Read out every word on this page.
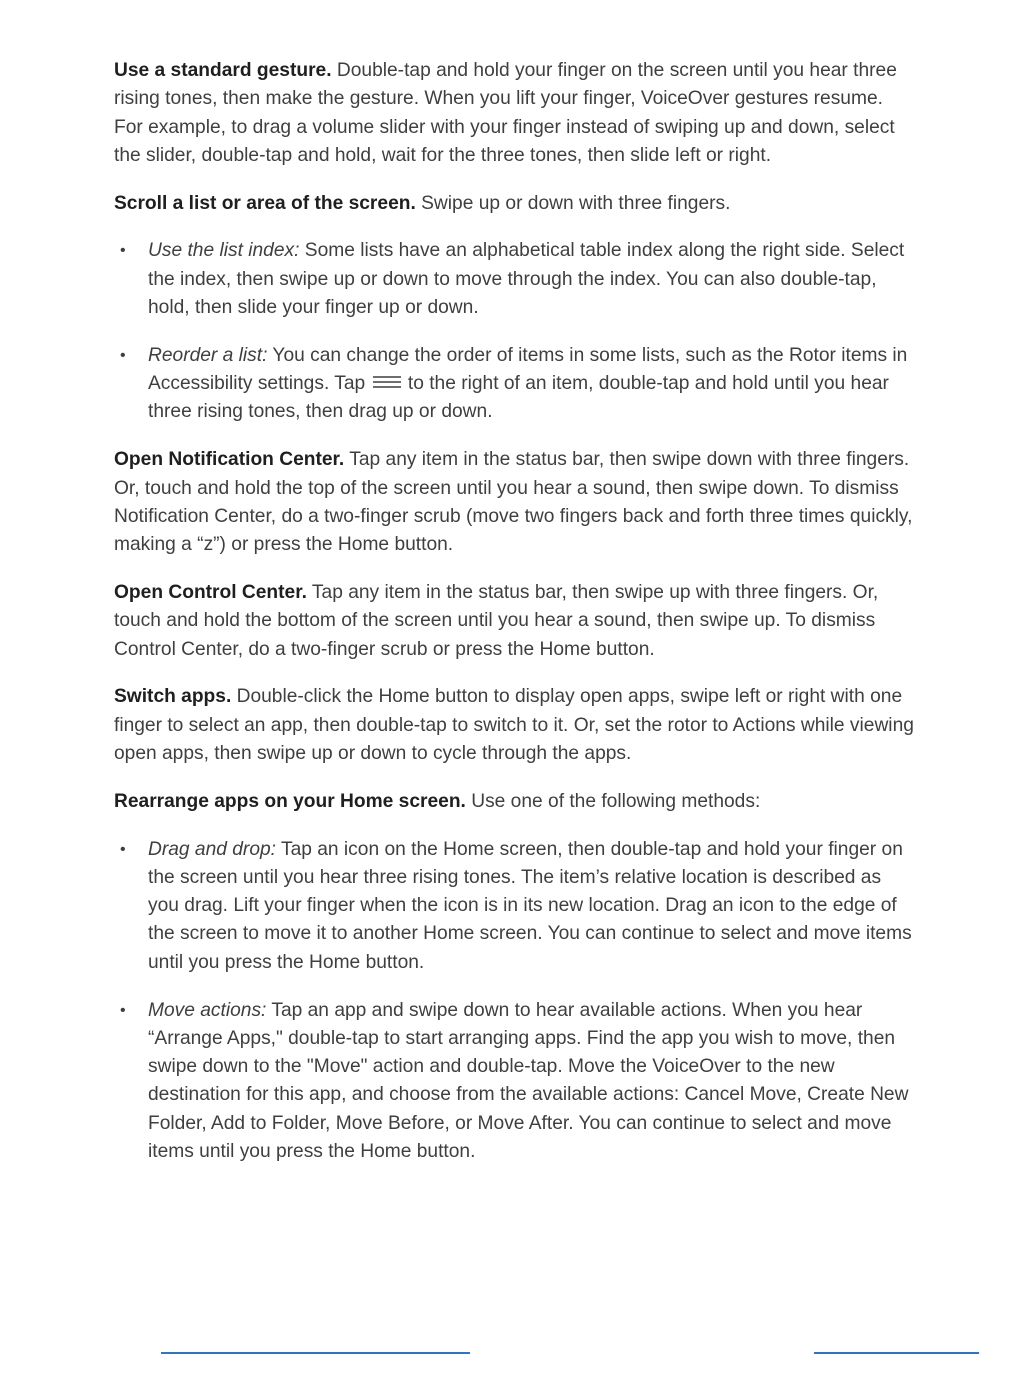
Use a standard gesture. Double-tap and hold your finger on the screen until you hear three rising tones, then make the gesture. When you lift your finger, VoiceOver gestures resume. For example, to drag a volume slider with your finger instead of swiping up and down, select the slider, double-tap and hold, wait for the three tones, then slide left or right.

Scroll a list or area of the screen. Swipe up or down with three fingers.

• Use the list index: Some lists have an alphabetical table index along the right side. Select the index, then swipe up or down to move through the index. You can also double-tap, hold, then slide your finger up or down.
• Reorder a list: You can change the order of items in some lists, such as the Rotor items in Accessibility settings. Tap  to the right of an item, double-tap and hold until you hear three rising tones, then drag up or down.

Open Notification Center. Tap any item in the status bar, then swipe down with three fingers. Or, touch and hold the top of the screen until you hear a sound, then swipe down. To dismiss Notification Center, do a two-finger scrub (move two fingers back and forth three times quickly, making a “z”) or press the Home button.

Open Control Center. Tap any item in the status bar, then swipe up with three fingers. Or, touch and hold the bottom of the screen until you hear a sound, then swipe up. To dismiss Control Center, do a two-finger scrub or press the Home button.

Switch apps. Double-click the Home button to display open apps, swipe left or right with one finger to select an app, then double-tap to switch to it. Or, set the rotor to Actions while viewing open apps, then swipe up or down to cycle through the apps.

Rearrange apps on your Home screen. Use one of the following methods:

• Drag and drop: Tap an icon on the Home screen, then double-tap and hold your finger on the screen until you hear three rising tones. The item’s relative location is described as you drag. Lift your finger when the icon is in its new location. Drag an icon to the edge of the screen to move it to another Home screen. You can continue to select and move items until you press the Home button.
• Move actions: Tap an app and swipe down to hear available actions. When you hear “Arrange Apps," double-tap to start arranging apps. Find the app you wish to move, then swipe down to the "Move" action and double-tap. Move the VoiceOver to the new destination for this app, and choose from the available actions: Cancel Move, Create New Folder, Add to Folder, Move Before, or Move After. You can continue to select and move items until you press the Home button.
